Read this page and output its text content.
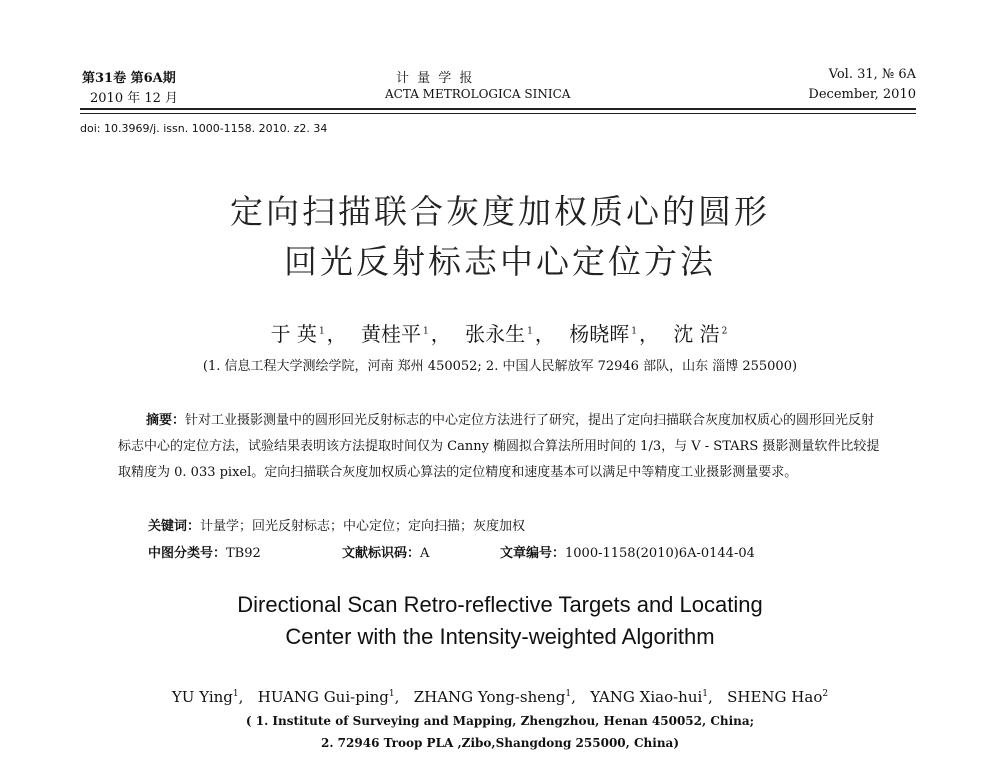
第31卷 第6A期
2010 年 12 月
计 量 学 报
ACTA METROLOGICA SINICA
Vol. 31, № 6A
December, 2010
doi: 10.3969/j. issn. 1000-1158. 2010. z2. 34
定向扫描联合灰度加权质心的圆形
回光反射标志中心定位方法
于 英 $^1$ ， 黄桂平 $^1$ ， 张永生 $^1$ ， 杨晓晖 $^1$ ， 沈 浩 $^2$
(1. 信息工程大学测绘学院，河南 郑州 450052; 2. 中国人民解放军 72946 部队，山东 淄博 255000)
摘要：针对工业摄影测量中的圆形回光反射标志的中心定位方法进行了研究，提出了定向扫描联合灰度加权质心的圆形回光反射标志中心的定位方法，试验结果表明该方法提取时间仅为 Canny 椭圆拟合算法所用时间的 1/3，与 V - STARS 摄影测量软件比较提取精度为 0. 033 pixel。定向扫描联合灰度加权质心算法的定位精度和速度基本可以满足中等精度工业摄影测量要求。
关键词：计量学；回光反射标志；中心定位；定向扫描；灰度加权
中图分类号：TB92	文献标识码：A	文章编号：1000-1158(2010)6A-0144-04
Directional Scan Retro-reflective Targets and Locating
Center with the Intensity-weighted Algorithm
YU Ying$^1$,   HUANG Gui-ping$^1$,   ZHANG Yong-sheng$^1$,   YANG Xiao-hui$^1$,   SHENG Hao$^2$
( 1. Institute of Surveying and Mapping, Zhengzhou, Henan 450052, China;
2. 72946 Troop PLA ,Zibo,Shangdong 255000, China)
